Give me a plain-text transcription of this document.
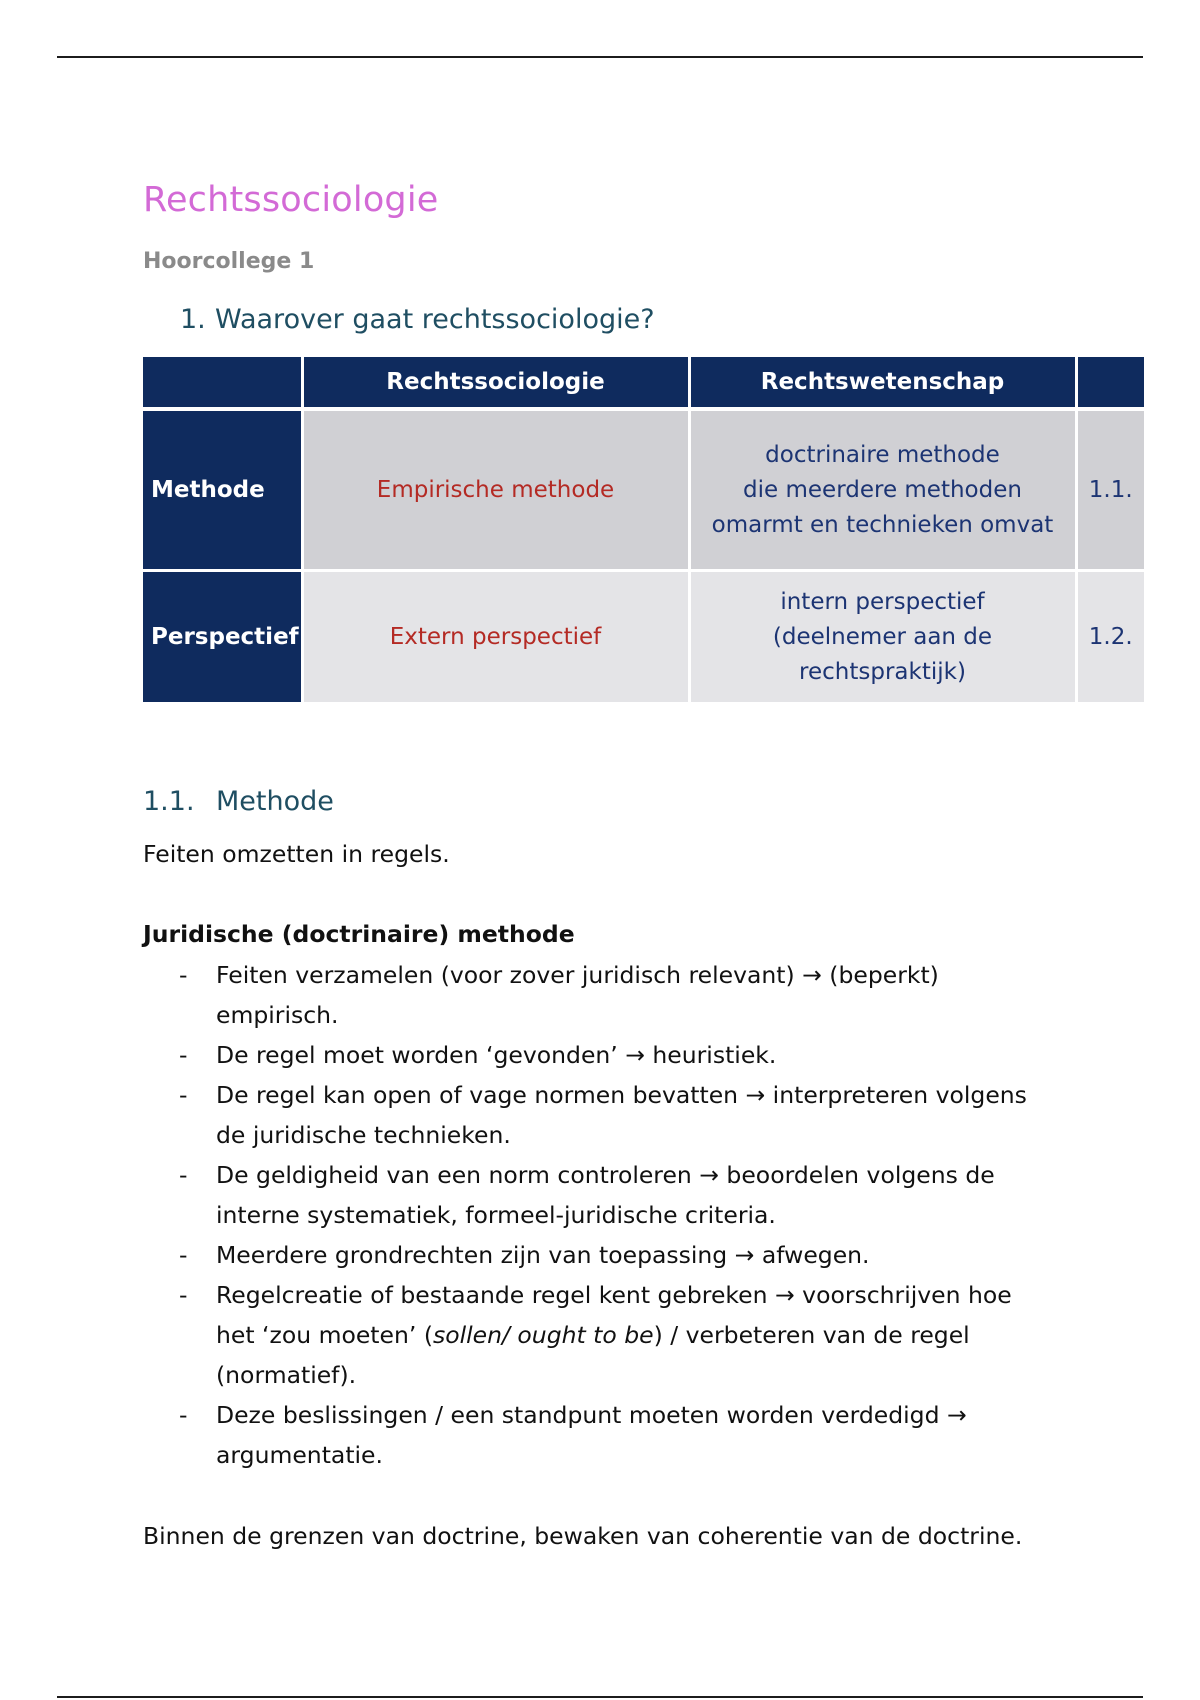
Rechtssociologie
Hoorcollege 1
1. Waarover gaat rechtssociologie?
	Rechtssociologie	Rechtswetenschap	

Methode	Empirische methode	doctrinaire methode
die meerdere methoden
omarmt en technieken omvat	1.1.
Perspectief	Extern perspectief	intern perspectief
(deelnemer aan de
rechtspraktijk)	1.2.
1.1. Methode
Feiten omzetten in regels.
Juridische (doctrinaire) methode
- Feiten verzamelen (voor zover juridisch relevant) → (beperkt)
empirisch.
- De regel moet worden ‘gevonden’ → heuristiek.
- De regel kan open of vage normen bevatten → interpreteren volgens
de juridische technieken.
- De geldigheid van een norm controleren → beoordelen volgens de
interne systematiek, formeel-juridische criteria.
- Meerdere grondrechten zijn van toepassing → afwegen.
- Regelcreatie of bestaande regel kent gebreken → voorschrijven hoe
het ‘zou moeten’ (sollen/ ought to be) / verbeteren van de regel
(normatief).
- Deze beslissingen / een standpunt moeten worden verdedigd →
argumentatie.
Binnen de grenzen van doctrine, bewaken van coherentie van de doctrine.
